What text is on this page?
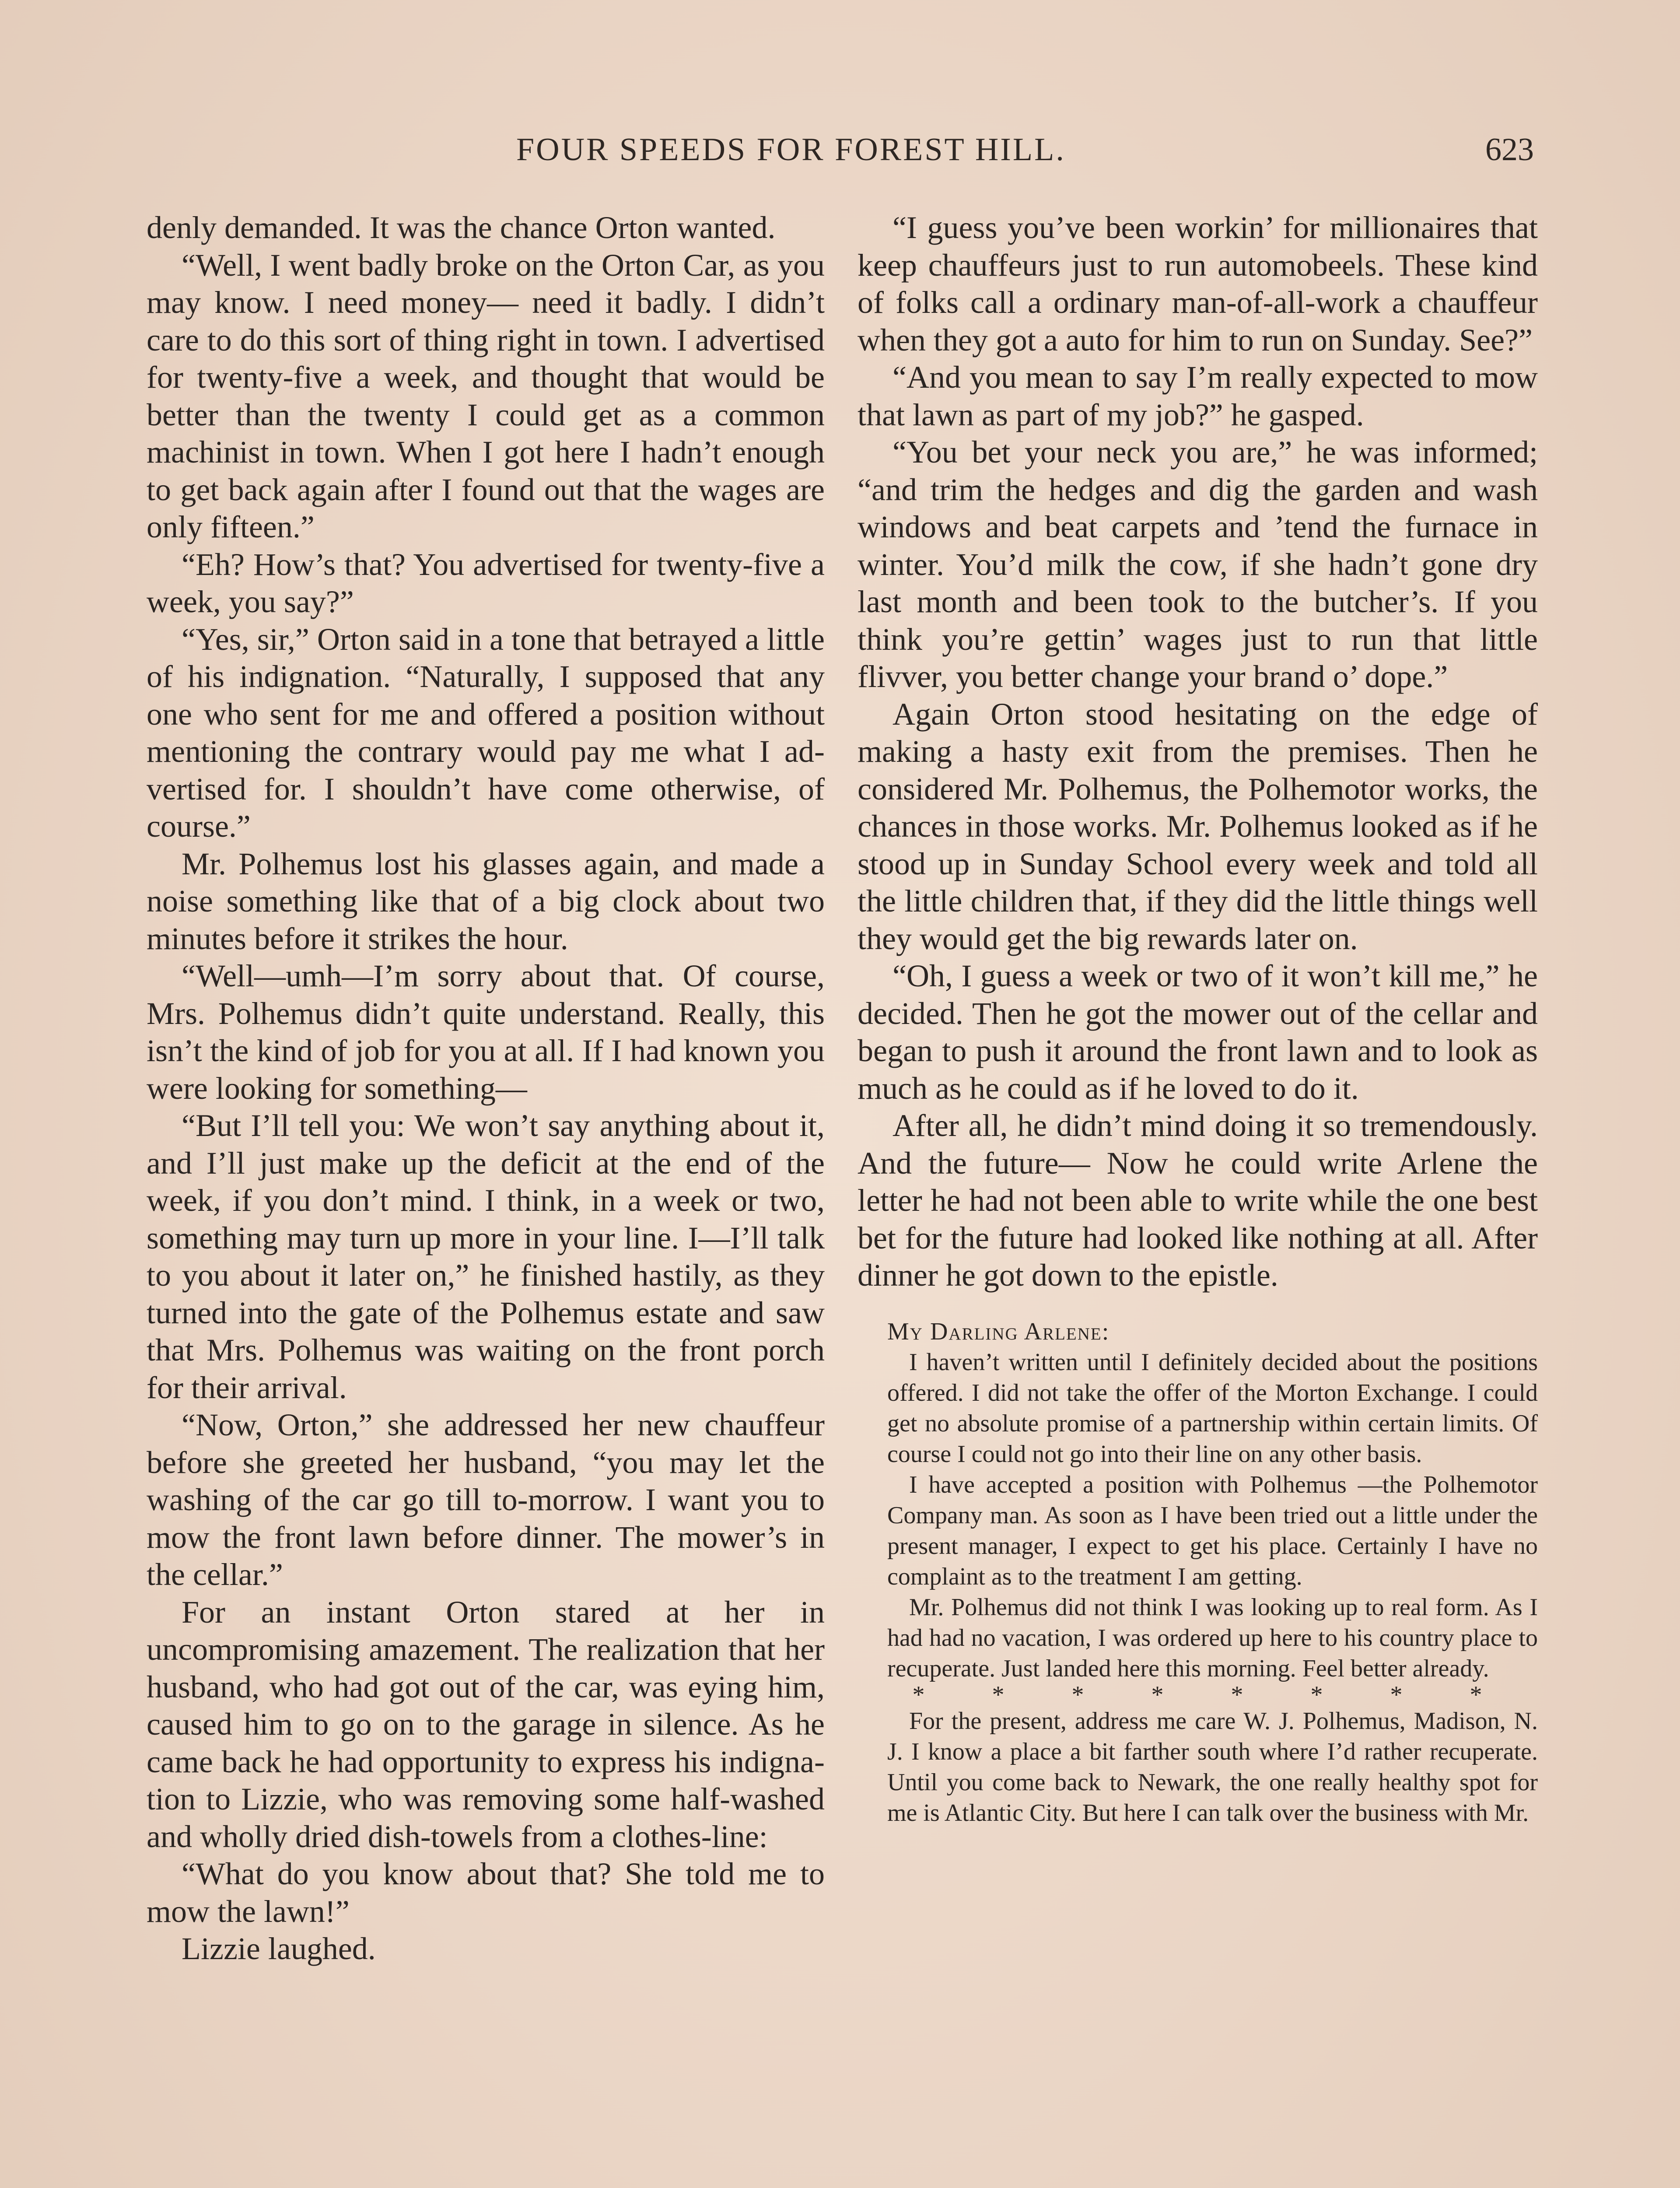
FOUR SPEEDS FOR FOREST HILL.	623

denly demanded. It was the chance Orton wanted.

“Well, I went badly broke on the Orton Car, as you may know. I need money— need it badly. I didn’t care to do this sort of thing right in town. I advertised for twenty-five a week, and thought that would be better than the twenty I could get as a common machinist in town. When I got here I hadn’t enough to get back again after I found out that the wages are only fifteen.”

“Eh? How’s that? You advertised for twenty-five a week, you say?”

“Yes, sir,” Orton said in a tone that betrayed a little of his indignation. “Naturally, I supposed that any one who sent for me and offered a position without mentioning the contrary would pay me what I advertised for. I shouldn’t have come otherwise, of course.”

Mr. Polhemus lost his glasses again, and made a noise something like that of a big clock about two minutes before it strikes the hour.

“Well—umh—I’m sorry about that. Of course, Mrs. Polhemus didn’t quite understand. Really, this isn’t the kind of job for you at all. If I had known you were looking for something—

“But I’ll tell you: We won’t say anything about it, and I’ll just make up the deficit at the end of the week, if you don’t mind. I think, in a week or two, something may turn up more in your line. I—I’ll talk to you about it later on,” he finished hastily, as they turned into the gate of the Polhemus estate and saw that Mrs. Polhemus was waiting on the front porch for their arrival.

“Now, Orton,” she addressed her new chauffeur before she greeted her husband, “you may let the washing of the car go till to-morrow. I want you to mow the front lawn before dinner. The mower’s in the cellar.”

For an instant Orton stared at her in uncompromising amazement. The realization that her husband, who had got out of the car, was eying him, caused him to go on to the garage in silence. As he came back he had opportunity to express his indignation to Lizzie, who was removing some half-washed and wholly dried dish-towels from a clothes-line:

“What do you know about that? She told me to mow the lawn!”

Lizzie laughed.

“I guess you’ve been workin’ for millionaires that keep chauffeurs just to run automobeels. These kind of folks call a ordinary man-of-all-work a chauffeur when they got a auto for him to run on Sunday. See?”

“And you mean to say I’m really expected to mow that lawn as part of my job?” he gasped.

“You bet your neck you are,” he was informed; “and trim the hedges and dig the garden and wash windows and beat carpets and ’tend the furnace in winter. You’d milk the cow, if she hadn’t gone dry last month and been took to the butcher’s. If you think you’re gettin’ wages just to run that little flivver, you better change your brand o’ dope.”

Again Orton stood hesitating on the edge of making a hasty exit from the premises. Then he considered Mr. Polhemus, the Polhemotor works, the chances in those works. Mr. Polhemus looked as if he stood up in Sunday School every week and told all the little children that, if they did the little things well they would get the big rewards later on.

“Oh, I guess a week or two of it won’t kill me,” he decided. Then he got the mower out of the cellar and began to push it around the front lawn and to look as much as he could as if he loved to do it.

After all, he didn’t mind doing it so tremendously. And the future— Now he could write Arlene the letter he had not been able to write while the one best bet for the future had looked like nothing at all. After dinner he got down to the epistle.

My Darling Arlene:

I haven’t written until I definitely decided about the positions offered. I did not take the offer of the Morton Exchange. I could get no absolute promise of a partnership within certain limits. Of course I could not go into their line on any other basis.

I have accepted a position with Polhemus —the Polhemotor Company man. As soon as I have been tried out a little under the present manager, I expect to get his place. Certainly I have no complaint as to the treatment I am getting.

Mr. Polhemus did not think I was looking up to real form. As I had had no vacation, I was ordered up here to his country place to recuperate. Just landed here this morning. Feel better already.

* * * * * * * *

For the present, address me care W. J. Polhemus, Madison, N. J. I know a place a bit farther south where I’d rather recuperate. Until you come back to Newark, the one really healthy spot for me is Atlantic City. But here I can talk over the business with Mr.
